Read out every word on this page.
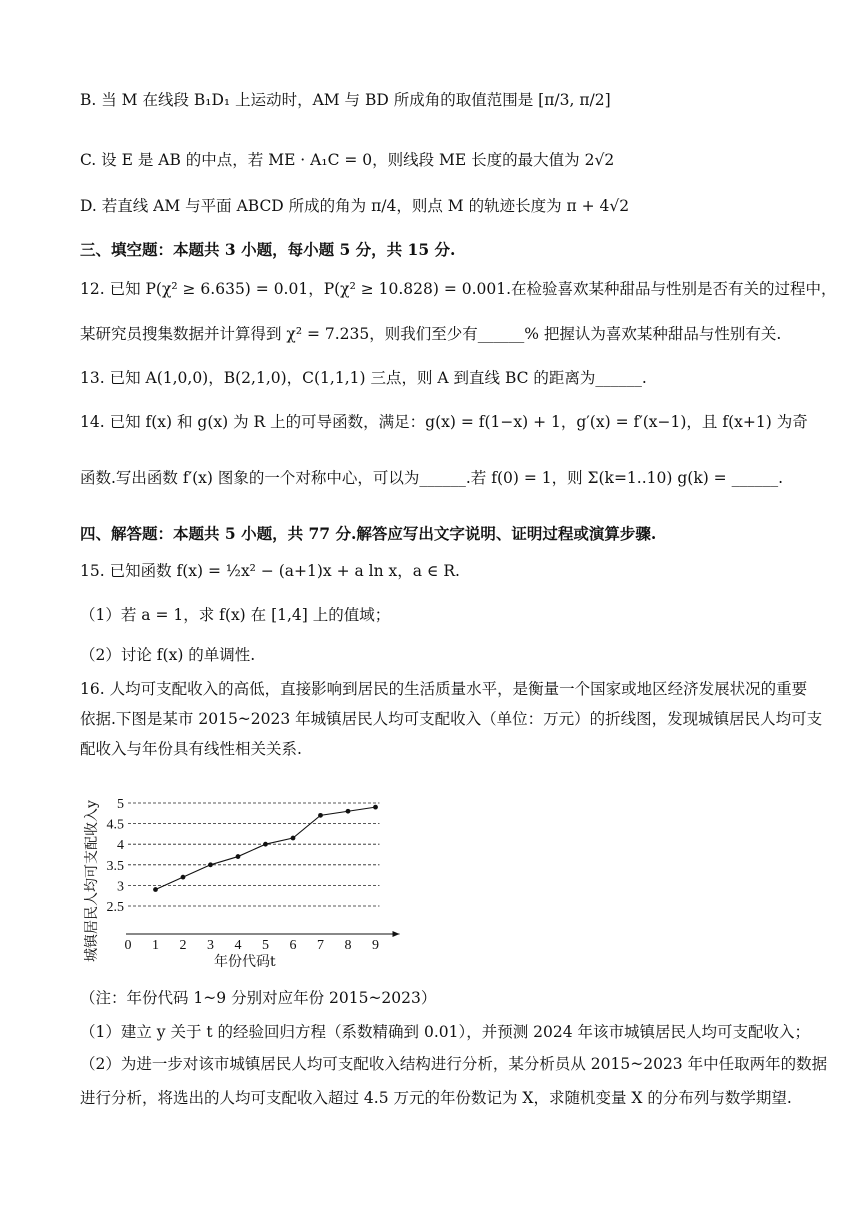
B. 当 M 在线段 B₁D₁ 上运动时，AM 与 BD 所成角的取值范围是 [π/3, π/2]
C. 设 E 是 AB 的中点，若 ME · A₁C = 0，则线段 ME 长度的最大值为 2√2
D. 若直线 AM 与平面 ABCD 所成的角为 π/4，则点 M 的轨迹长度为 π + 4√2
三、填空题：本题共 3 小题，每小题 5 分，共 15 分.
12. 已知 P(χ² ≥ 6.635) = 0.01，P(χ² ≥ 10.828) = 0.001.在检验喜欢某种甜品与性别是否有关的过程中，
某研究员搜集数据并计算得到 χ² = 7.235，则我们至少有______% 把握认为喜欢某种甜品与性别有关.
13. 已知 A(1,0,0)，B(2,1,0)，C(1,1,1) 三点，则 A 到直线 BC 的距离为______.
14. 已知 f(x) 和 g(x) 为 R 上的可导函数，满足：g(x) = f(1−x) + 1，g′(x) = f′(x−1)，且 f(x+1) 为奇
函数.写出函数 f′(x) 图象的一个对称中心，可以为______.若 f(0) = 1，则 Σ(k=1..10) g(k) = ______.
四、解答题：本题共 5 小题，共 77 分.解答应写出文字说明、证明过程或演算步骤.
15. 已知函数 f(x) = ½x² − (a+1)x + a ln x，a ∈ R.
（1）若 a = 1，求 f(x) 在 [1,4] 上的值域；
（2）讨论 f(x) 的单调性.
16. 人均可支配收入的高低，直接影响到居民的生活质量水平，是衡量一个国家或地区经济发展状况的重要
依据.下图是某市 2015~2023 年城镇居民人均可支配收入（单位：万元）的折线图，发现城镇居民人均可支
配收入与年份具有线性相关关系.
0 1 2 3 4 5 6 7 8 9
2.5
3
3.5
4
4.5
5
城镇居民人均可支配收入y	年份代码t
（注：年份代码 1~9 分别对应年份 2015~2023）
（1）建立 y 关于 t 的经验回归方程（系数精确到 0.01），并预测 2024 年该市城镇居民人均可支配收入；
（2）为进一步对该市城镇居民人均可支配收入结构进行分析，某分析员从 2015~2023 年中任取两年的数据
进行分析，将选出的人均可支配收入超过 4.5 万元的年份数记为 X，求随机变量 X 的分布列与数学期望.
